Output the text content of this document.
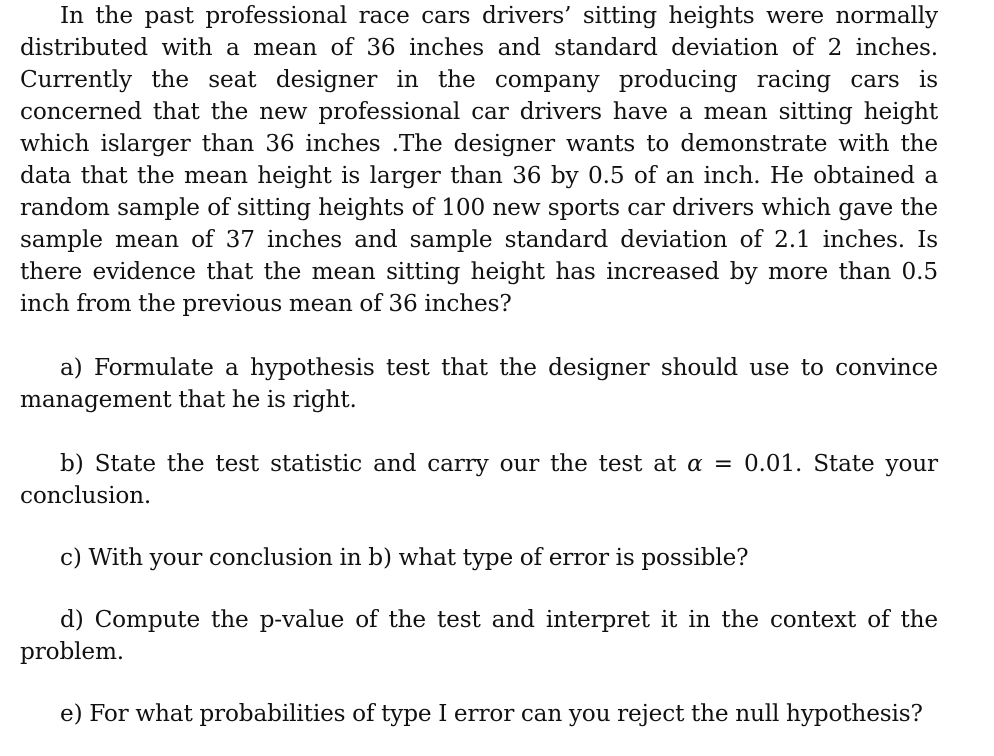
In the past professional race cars drivers’ sitting heights were normally distributed with a mean of 36 inches and standard deviation of 2 inches. Currently the seat designer in the company producing racing cars is concerned that the new professional car drivers have a mean sitting height which islarger than 36 inches .The designer wants to demonstrate with the data that the mean height is larger than 36 by 0.5 of an inch. He obtained a random sample of sitting heights of 100 new sports car drivers which gave the sample mean of 37 inches and sample standard deviation of 2.1 inches. Is there evidence that the mean sitting height has increased by more than 0.5 inch from the previous mean of 36 inches?

a) Formulate a hypothesis test that the designer should use to convince management that he is right.

b) State the test statistic and carry our the test at α = 0.01. State your conclusion.

c) With your conclusion in b) what type of error is possible?

d) Compute the p-value of the test and interpret it in the context of the problem.

e) For what probabilities of type I error can you reject the null hypothesis?
